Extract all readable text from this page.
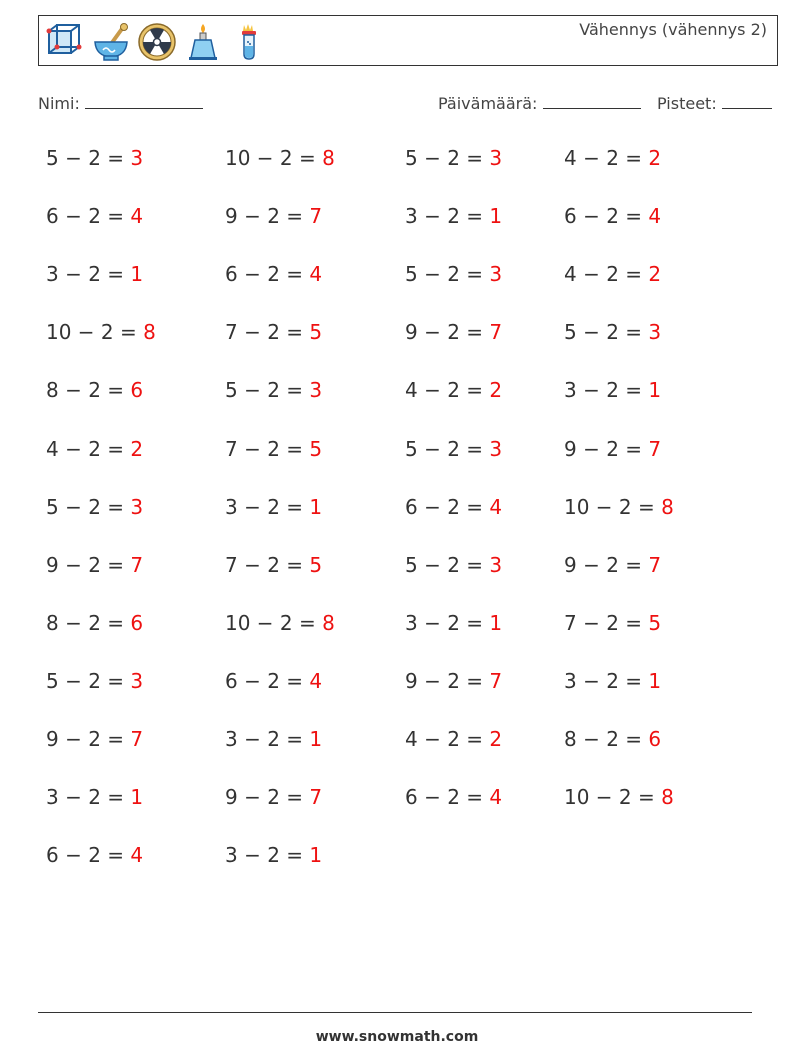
Vähennys (vähennys 2)
Nimi:	Päivämäärä:	Pisteet:
5 − 2 = 3
6 − 2 = 4
3 − 2 = 1
10 − 2 = 8
8 − 2 = 6
4 − 2 = 2
5 − 2 = 3
9 − 2 = 7
8 − 2 = 6
5 − 2 = 3
9 − 2 = 7
3 − 2 = 1
6 − 2 = 4
10 − 2 = 8
9 − 2 = 7
6 − 2 = 4
7 − 2 = 5
5 − 2 = 3
7 − 2 = 5
3 − 2 = 1
7 − 2 = 5
10 − 2 = 8
6 − 2 = 4
3 − 2 = 1
9 − 2 = 7
3 − 2 = 1
5 − 2 = 3
3 − 2 = 1
5 − 2 = 3
9 − 2 = 7
4 − 2 = 2
5 − 2 = 3
6 − 2 = 4
5 − 2 = 3
3 − 2 = 1
9 − 2 = 7
4 − 2 = 2
6 − 2 = 4
4 − 2 = 2
6 − 2 = 4
4 − 2 = 2
5 − 2 = 3
3 − 2 = 1
9 − 2 = 7
10 − 2 = 8
9 − 2 = 7
7 − 2 = 5
3 − 2 = 1
8 − 2 = 6
10 − 2 = 8
www.snowmath.com
